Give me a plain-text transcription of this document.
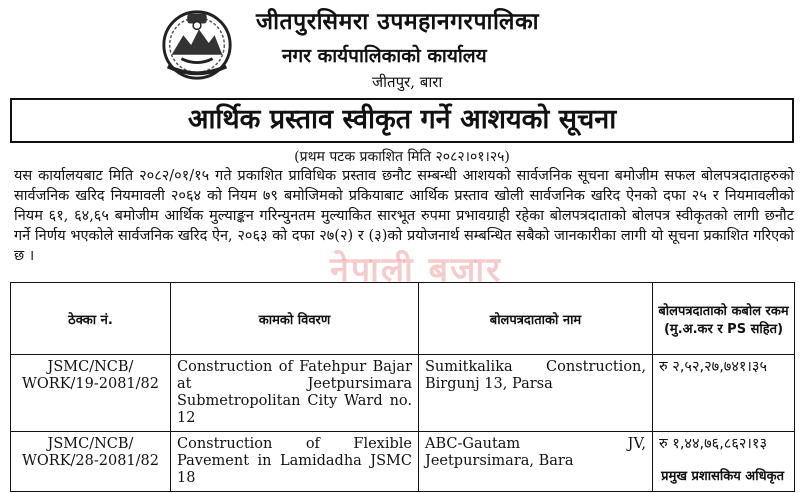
जीतपुरसिमरा उपमहानगरपालिका
नगर कार्यपालिकाको कार्यालय
जीतपुर, बारा
आर्थिक प्रस्ताव स्वीकृत गर्ने आशयको सूचना
(प्रथम पटक प्रकाशित मिति २०८२।०१।२५)
यस कार्यालयबाट मिति २०८२/०१/१५ गते प्रकाशित प्राविधिक प्रस्ताव छनौट सम्बन्धी आशयको सार्वजनिक सूचना बमोजीम सफल बोलपत्रदाताहरुको सार्वजनिक खरिद नियमावली २०६४ को नियम ७९ बमोजिमको प्रकियाबाट आर्थिक प्रस्ताव खोली सार्वजनिक खरिद ऐनको दफा २५ र नियमावलीको नियम ६१, ६४,६५ बमोजीम आर्थिक मुल्याङ्कन गरिन्युनतम मुल्याकित सारभूत रुपमा प्रभावग्राही रहेका बोलपत्रदाताको बोलपत्र स्वीकृतको लागी छनौट गर्ने निर्णय भएकोले सार्वजनिक खरिद ऐन, २०६३ को दफा २७(२) र (३)को प्रयोजनार्थ सम्बन्धित सबैको जानकारीका लागी यो सूचना प्रकाशित गरिएको छ ।	नेपाली बजार
ठेक्का नं.	कामको विवरण	बोलपत्रदाताको नाम	बोलपत्रदाताको कबोल रकम (मु.अ.कर र PS सहित)
JSMC/NCB/ WORK/19-2081/82	Construction of Fatehpur Bajar at Jeetpursimara Submetropolitan City Ward no. 12	Sumitkalika Construction, Birgunj 13, Parsa	रु २,५२,२७,७४१।३५
JSMC/NCB/ WORK/28-2081/82	Construction of Flexible Pavement in Lamidadha JSMC 18	ABC-Gautam JV, Jeetpursimara, Bara	रु १,४४,७६,८६२।१३
प्रमुख प्रशासकिय अधिकृत
